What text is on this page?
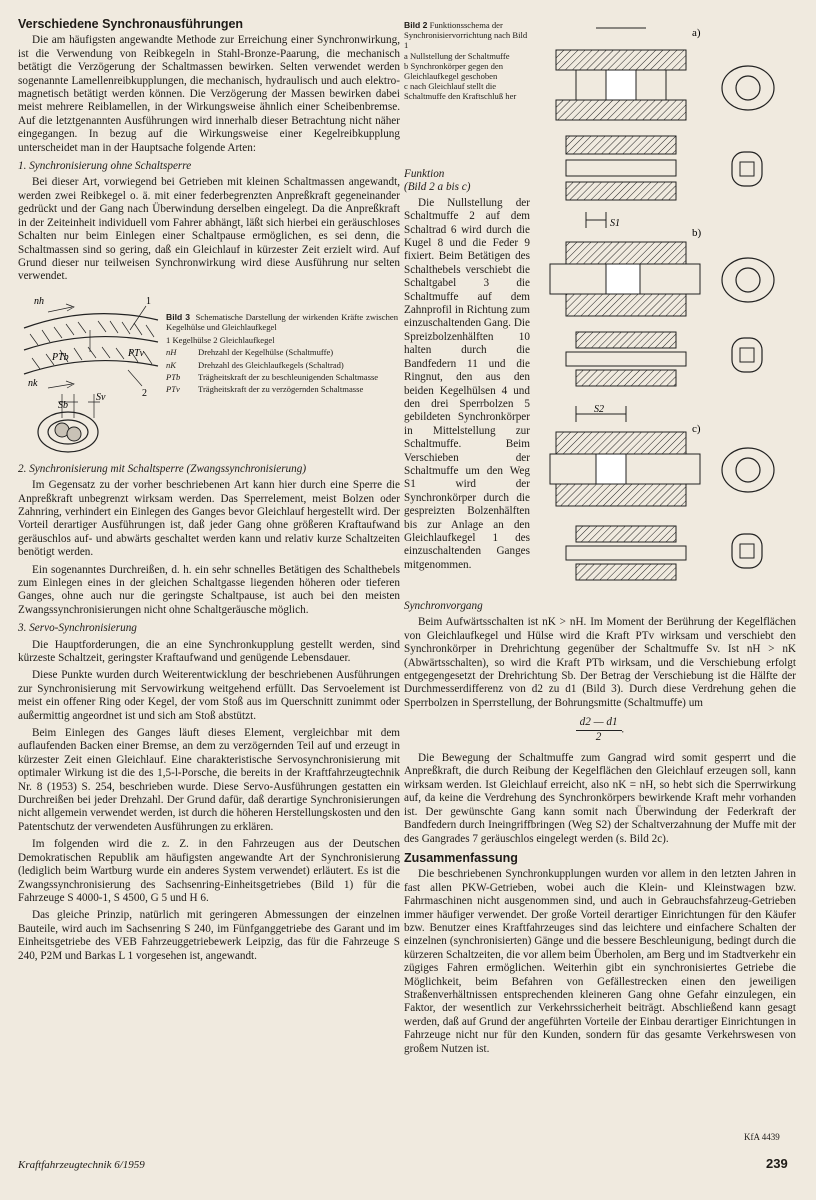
Verschiedene Synchronausführungen

Die am häufigsten angewandte Methode zur Erreichung einer Synchronwirkung, ist die Verwendung von Reibkegeln in Stahl-Bronze-Paarung, die mechanisch betätigt die Verzögerung der Schaltmassen bewirken. Selten verwendet werden sogenannte Lamellenreibkupplungen, die mechanisch, hydraulisch und auch elektro-magnetisch betätigt werden können. Die Verzögerung der Massen bewirken dabei meist mehrere Reiblamellen, in der Wirkungsweise ähnlich einer Scheibenbremse. Auf die letztgenannten Ausführungen wird innerhalb dieser Betrachtung nicht näher eingegangen. In bezug auf die Wirkungsweise einer Kegelreibkupplung unterscheidet man in der Hauptsache folgende Arten:

1. Synchronisierung ohne Schaltsperre

Bei dieser Art, vorwiegend bei Getrieben mit kleinen Schaltmassen angewandt, werden zwei Reibkegel o. ä. mit einer federbegrenzten Anpreßkraft gegeneinander gedrückt und der Gang nach Überwindung derselben eingelegt. Da die Anpreßkraft in der Zeiteinheit individuell vom Fahrer abhängt, läßt sich hierbei ein geräuschloses Schalten nur beim Einlegen einer Schaltpause ermöglichen, es sei denn, die Schaltmassen sind so gering, daß ein Gleichlauf in kürzester Zeit erzielt wird. Auf Grund dieser nur teilweisen Synchronwirkung wird diese Ausführung nur selten verwendet.

nh
nk
PTb	PTv
1
2
Sb
Sv
Bild 3 Schematische Darstellung der wirkenden Kräfte zwischen Kegelhülse und Gleichlaufkegel
1 Kegelhülse 2 Gleichlaufkegel
nH	Drehzahl der Kegelhülse (Schaltmuffe)
nK	Drehzahl des Gleichlaufkegels (Schaltrad)
PTb	Trägheitskraft der zu beschleunigenden Schaltmasse
PTv	Trägheitskraft der zu verzögernden Schaltmasse
2. Synchronisierung mit Schaltsperre (Zwangssynchronisierung)

Im Gegensatz zu der vorher beschriebenen Art kann hier durch eine Sperre die Anpreßkraft unbegrenzt wirksam werden. Das Sperrelement, meist Bolzen oder Zahnring, verhindert ein Einlegen des Ganges bevor Gleichlauf hergestellt wird. Der Vorteil derartiger Ausführungen ist, daß jeder Gang ohne größeren Kraftaufwand geräuschlos auf- und abwärts geschaltet werden kann und relativ kurze Schaltzeiten benötigt werden.

Ein sogenanntes Durchreißen, d. h. ein sehr schnelles Betätigen des Schalthebels zum Einlegen eines in der gleichen Schaltgasse liegenden höheren oder tieferen Ganges, ohne auch nur die geringste Schaltpause, ist auch bei den meisten Zwangssynchronisierungen nicht ohne Schaltgeräusche möglich.

3. Servo-Synchronisierung

Die Hauptforderungen, die an eine Synchronkupplung gestellt werden, sind kürzeste Schaltzeit, geringster Kraftaufwand und genügende Lebensdauer.

Diese Punkte wurden durch Weiterentwicklung der beschriebenen Ausführungen zur Synchronisierung mit Servowirkung weitgehend erfüllt. Das Servoelement ist meist ein offener Ring oder Kegel, der vom Stoß aus im Querschnitt zunimmt oder außermittig angeordnet ist und sich am Stoß abstützt.

Beim Einlegen des Ganges läuft dieses Element, vergleichbar mit dem auflaufenden Backen einer Bremse, an dem zu verzögernden Teil auf und erzeugt in kürzester Zeit einen Gleichlauf. Eine charakteristische Servosynchronisierung mit optimaler Wirkung ist die des 1,5-l-Porsche, die bereits in der Kraftfahrzeugtechnik Nr. 8 (1953) S. 254, beschrieben wurde. Diese Servo-Ausführungen gestatten ein Durchreißen bei jeder Drehzahl. Der Grund dafür, daß derartige Synchronisierungen nicht allgemein verwendet werden, ist durch die höheren Herstellungskosten und den Patentschutz der verwendeten Ausführungen zu erklären.

Im folgenden wird die z. Z. in den Fahrzeugen aus der Deutschen Demokratischen Republik am häufigsten angewandte Art der Synchronisierung (lediglich beim Wartburg wurde ein anderes System verwendet) erläutert. Es ist die Zwangssynchronisierung des Sachsenring-Einheitsgetriebes (Bild 1) für die Fahrzeuge S 4000-1, S 4500, G 5 und H 6.

Das gleiche Prinzip, natürlich mit geringeren Abmessungen der einzelnen Bauteile, wird auch im Sachsenring S 240, im Fünfganggetriebe des Garant und im Einheitsgetriebe des VEB Fahrzeuggetriebewerk Leipzig, das für die Fahrzeuge S 240, P2M und Barkas L 1 vorgesehen ist, angewandt.

Bild 2 Funktionsschema der Synchronisiervorrichtung nach Bild 1
a Nullstellung der Schaltmuffe
b Synchronkörper gegen den Gleichlaufkegel geschoben
c nach Gleichlauf stellt die Schaltmuffe den Kraftschluß her
a)
S1
b)
S2
c)
Funktion
(Bild 2 a bis c)

Die Nullstellung der Schaltmuffe 2 auf dem Schaltrad 6 wird durch die Kugel 8 und die Feder 9 fixiert. Beim Betätigen des Schalthebels verschiebt die Schaltgabel 3 die Schaltmuffe auf dem Zahnprofil in Richtung zum einzuschaltenden Gang. Die Spreizbolzenhälften 10 halten durch die Bandfedern 11 und die Ringnut, den aus den beiden Kegelhülsen 4 und den drei Sperrbolzen 5 gebildeten Synchronkörper in Mittelstellung zur Schaltmuffe. Beim Verschieben der Schaltmuffe um den Weg S1 wird der Synchronkörper durch die gespreizten Bolzenhälften bis zur Anlage an den Gleichlaufkegel 1 des einzuschaltenden Ganges mitgenommen.

Synchronvorgang

Beim Aufwärtsschalten ist nK > nH. Im Moment der Berührung der Kegelflächen von Gleichlaufkegel und Hülse wird die Kraft PTv wirksam und verschiebt den Synchronkörper in Drehrichtung gegenüber der Schaltmuffe Sv. Ist nH > nK (Abwärtsschalten), so wird die Kraft PTb wirksam, und die Verschiebung erfolgt entgegengesetzt der Drehrichtung Sb. Der Betrag der Verschiebung ist die Hälfte der Durchmesserdifferenz von d2 zu d1 (Bild 3). Durch diese Verdrehung gehen die Sperrbolzen in Sperrstellung, der Bohrungsmitte (Schaltmuffe) um

$\frac{d2 — d1}{2}$ .

Die Bewegung der Schaltmuffe zum Gangrad wird somit gesperrt und die Anpreßkraft, die durch Reibung der Kegelflächen den Gleichlauf erzeugen soll, kann wirksam werden. Ist Gleichlauf erreicht, also nK = nH, so hebt sich die Sperrwirkung auf, da keine die Verdrehung des Synchronkörpers bewirkende Kraft mehr vorhanden ist. Der gewünschte Gang kann somit nach Überwindung der Federkraft der Bandfedern durch Ineingriffbringen (Weg S2) der Schaltverzahnung der Muffe mit der des Gangrades 7 geräuschlos eingelegt werden (s. Bild 2c).

Zusammenfassung

Die beschriebenen Synchronkupplungen wurden vor allem in den letzten Jahren in fast allen PKW-Getrieben, wobei auch die Klein- und Kleinstwagen bzw. Fahrmaschinen nicht ausgenommen sind, und auch in Gebrauchsfahrzeug-Getrieben immer häufiger verwendet. Der große Vorteil derartiger Einrichtungen für den Käufer bzw. Benutzer eines Kraftfahrzeuges sind das leichtere und einfachere Schalten der einzelnen (synchronisierten) Gänge und die bessere Beschleunigung, bedingt durch die kürzeren Schaltzeiten, die vor allem beim Überholen, am Berg und im Stadtverkehr ein zügiges Fahren ermöglichen. Weiterhin gibt ein synchronisiertes Getriebe die Möglichkeit, beim Befahren von Gefällestrecken einen den jeweiligen Straßenverhältnissen entsprechenden kleineren Gang ohne Gefahr einzulegen, ein Faktor, der wesentlich zur Verkehrssicherheit beiträgt. Abschließend kann gesagt werden, daß auf Grund der angeführten Vorteile der Einbau derartiger Einrichtungen in Fahrzeuge nicht nur für den Kunden, sondern für das gesamte Verkehrswesen von großem Nutzen ist.

KfA 4439
Kraftfahrzeugtechnik 6/1959	239
